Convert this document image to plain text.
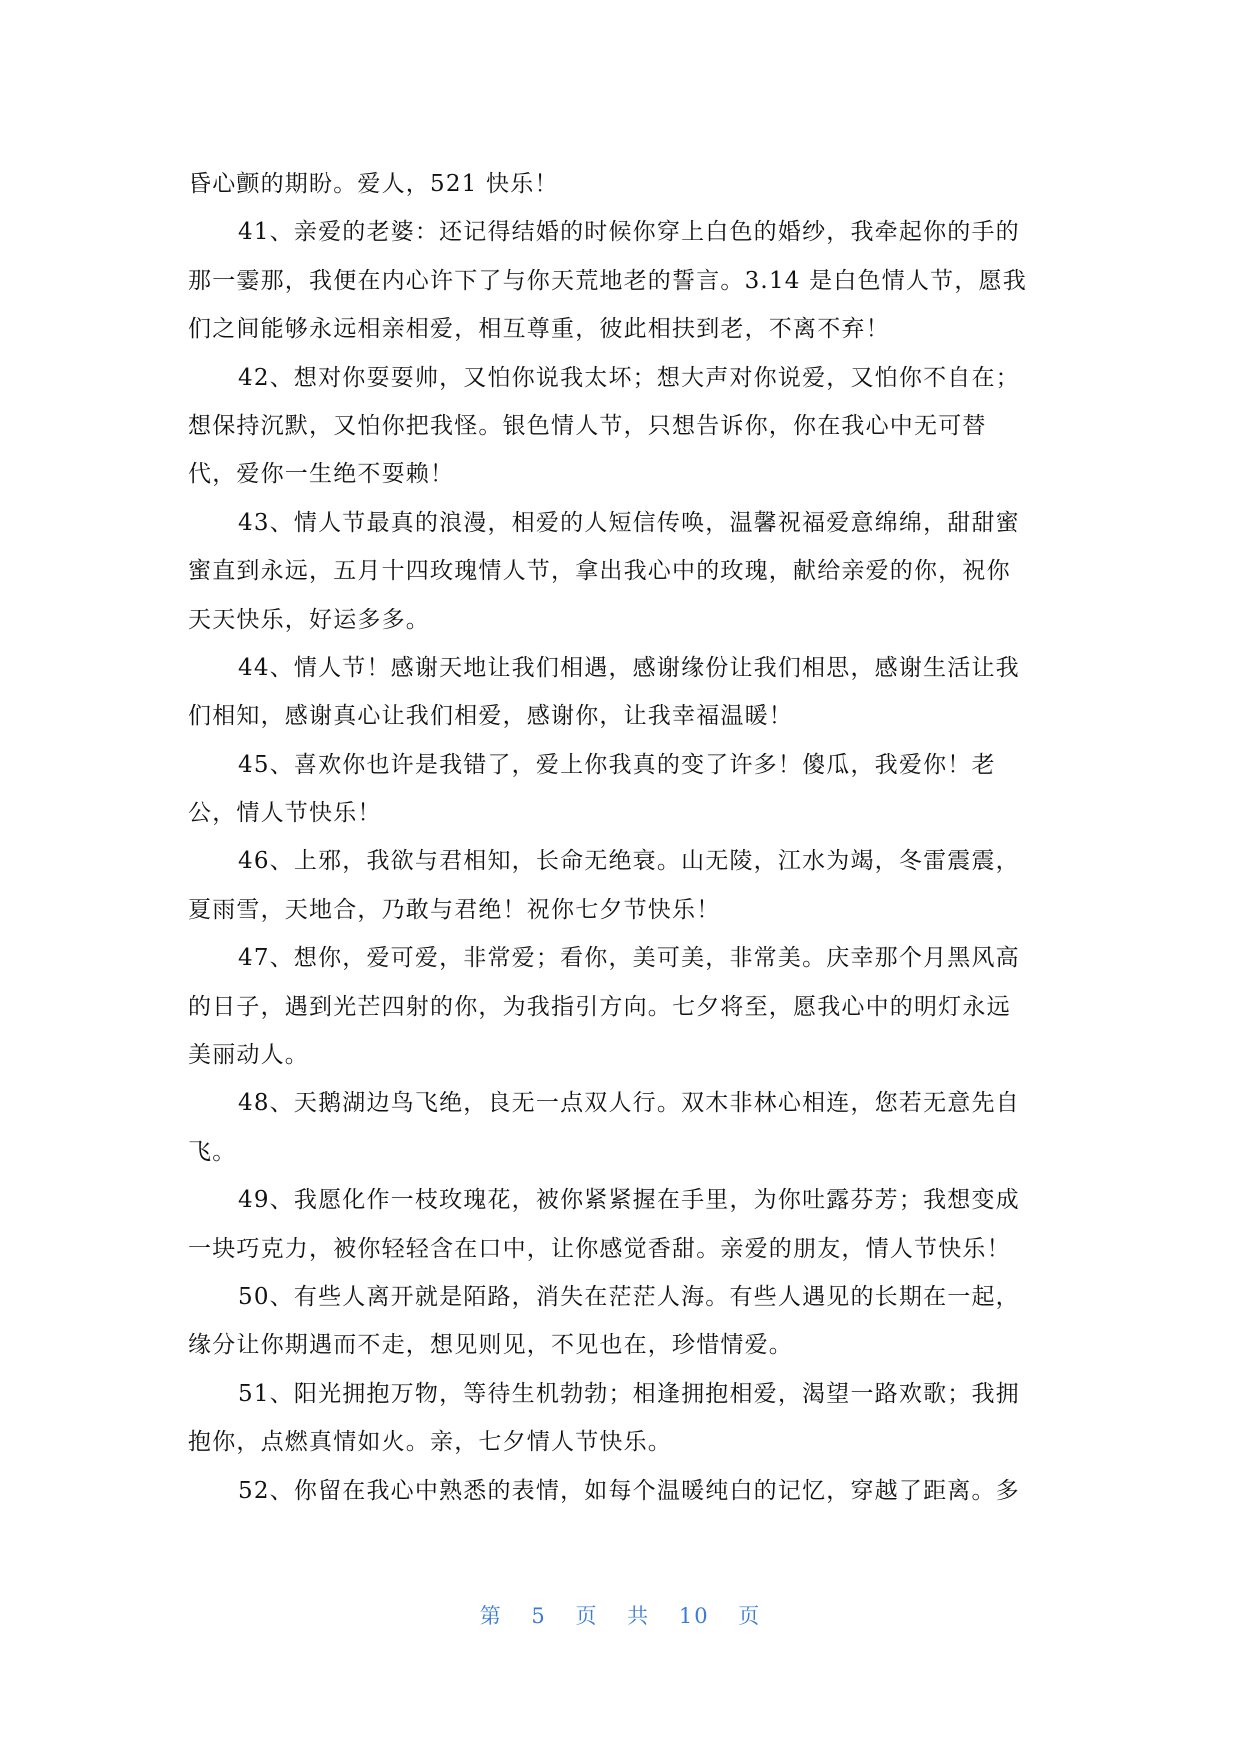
昏心颤的期盼。爱人，521 快乐！
41、亲爱的老婆：还记得结婚的时候你穿上白色的婚纱，我牵起你的手的
那一霎那，我便在内心许下了与你天荒地老的誓言。3.14 是白色情人节，愿我
们之间能够永远相亲相爱，相互尊重，彼此相扶到老，不离不弃！
42、想对你耍耍帅，又怕你说我太坏；想大声对你说爱，又怕你不自在；
想保持沉默，又怕你把我怪。银色情人节，只想告诉你，你在我心中无可替
代，爱你一生绝不耍赖！
43、情人节最真的浪漫，相爱的人短信传唤，温馨祝福爱意绵绵，甜甜蜜
蜜直到永远，五月十四玫瑰情人节，拿出我心中的玫瑰，献给亲爱的你，祝你
天天快乐，好运多多。
44、情人节！感谢天地让我们相遇，感谢缘份让我们相思，感谢生活让我
们相知，感谢真心让我们相爱，感谢你，让我幸福温暖！
45、喜欢你也许是我错了，爱上你我真的变了许多！傻瓜，我爱你！老
公，情人节快乐！
46、上邪，我欲与君相知，长命无绝衰。山无陵，江水为竭，冬雷震震，
夏雨雪，天地合，乃敢与君绝！祝你七夕节快乐！
47、想你，爱可爱，非常爱；看你，美可美，非常美。庆幸那个月黑风高
的日子，遇到光芒四射的你，为我指引方向。七夕将至，愿我心中的明灯永远
美丽动人。
48、天鹅湖边鸟飞绝，良无一点双人行。双木非林心相连，您若无意先自
飞。
49、我愿化作一枝玫瑰花，被你紧紧握在手里，为你吐露芬芳；我想变成
一块巧克力，被你轻轻含在口中，让你感觉香甜。亲爱的朋友，情人节快乐！
50、有些人离开就是陌路，消失在茫茫人海。有些人遇见的长期在一起，
缘分让你期遇而不走，想见则见，不见也在，珍惜情爱。
51、阳光拥抱万物，等待生机勃勃；相逢拥抱相爱，渴望一路欢歌；我拥
抱你，点燃真情如火。亲，七夕情人节快乐。
52、你留在我心中熟悉的表情，如每个温暖纯白的记忆，穿越了距离。多
第 5 页 共 10 页
